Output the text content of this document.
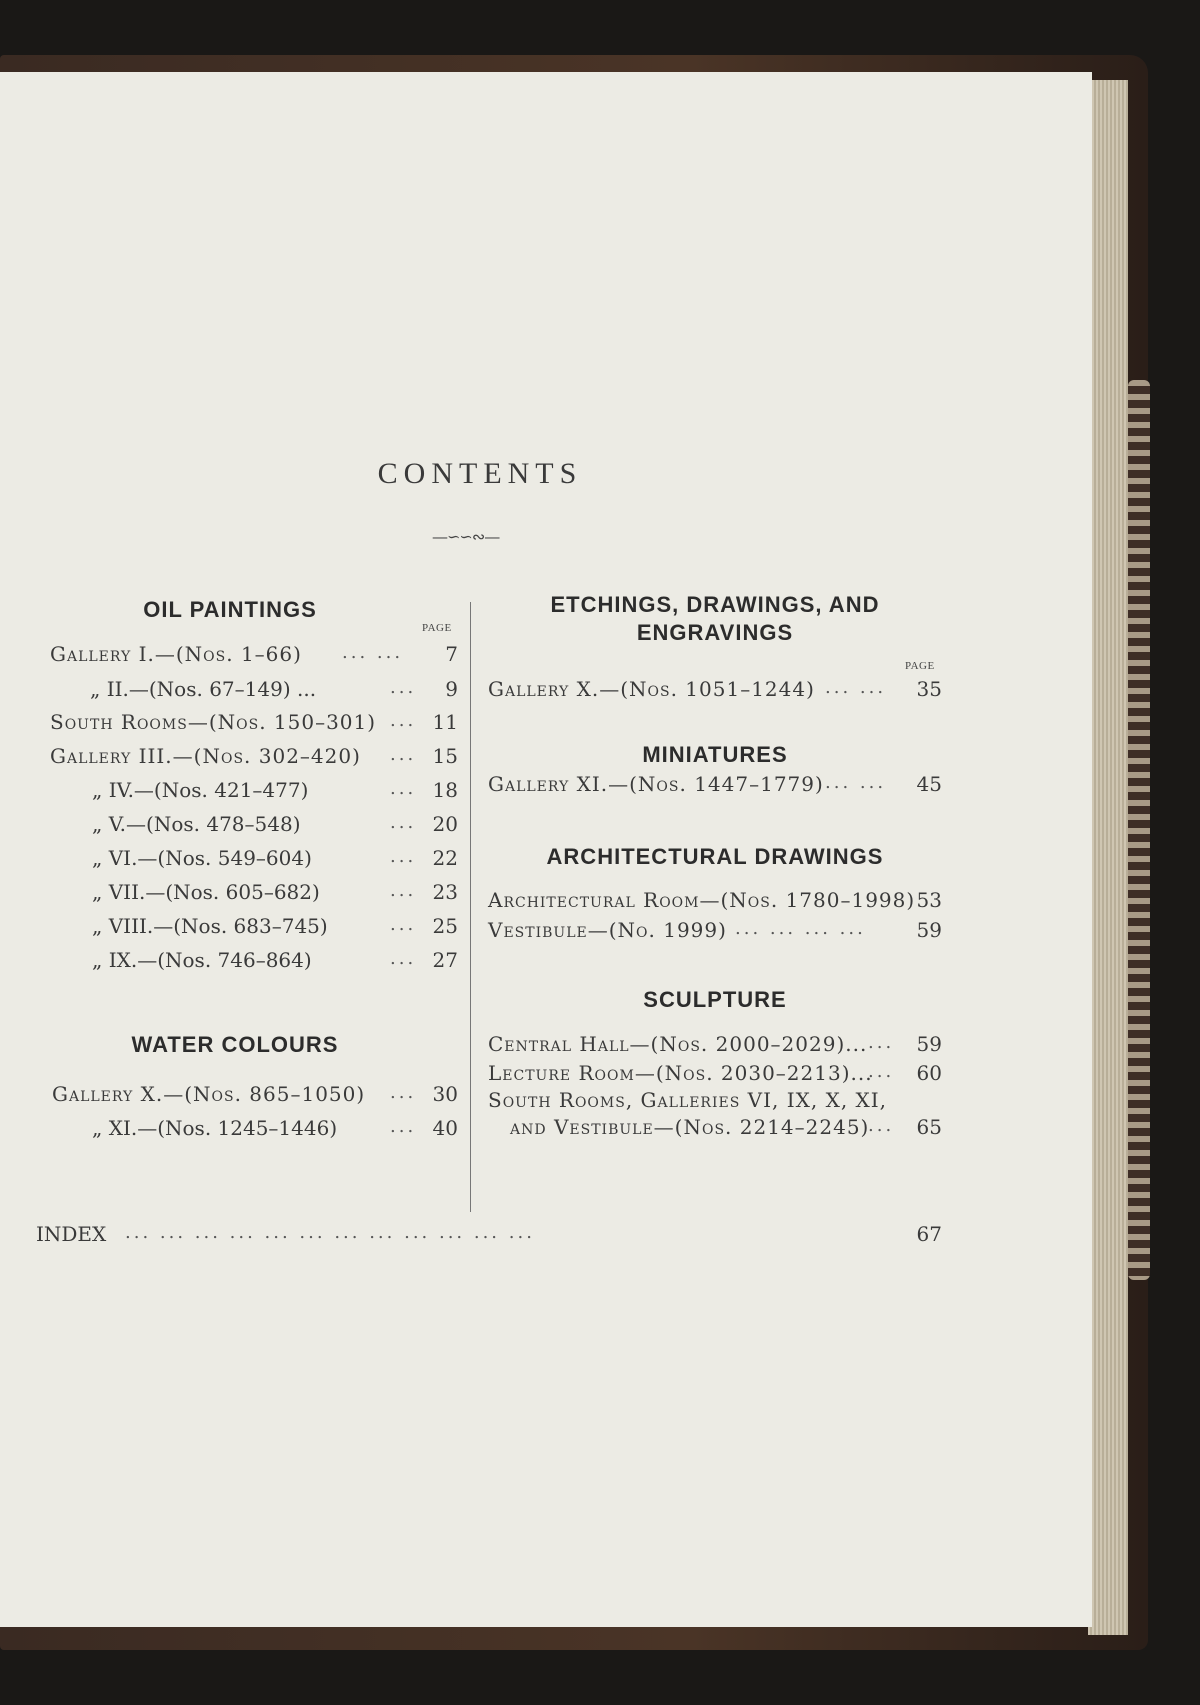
CONTENTS
—∽∽∾—
OIL PAINTINGS
PAGE
Gallery I.—(Nos. 1–66) ... ...	7
„ II.—(Nos. 67–149) ...	...	9
South Rooms—(Nos. 150–301) ... 11
Gallery III.—(Nos. 302–420) ... 15
„ IV.—(Nos. 421–477)	... 18
„ V.—(Nos. 478–548)	... 20
„ VI.—(Nos. 549–604)	... 22
„ VII.—(Nos. 605–682)	... 23
„ VIII.—(Nos. 683–745)	... 25
„ IX.—(Nos. 746–864)	... 27
WATER COLOURS
Gallery X.—(Nos. 865–1050) ... 30
„ XI.—(Nos. 1245–1446)	... 40
ETCHINGS, DRAWINGS, AND
ENGRAVINGS
PAGE
Gallery X.—(Nos. 1051–1244) ... ...	35
MINIATURES
Gallery XI.—(Nos. 1447–1779) ... ...	45
ARCHITECTURAL DRAWINGS
Architectural Room—(Nos. 1780–1998) 53
Vestibule—(No. 1999) ... ... ... ...	59
SCULPTURE
Central Hall—(Nos. 2000–2029)... ...	59
Lecture Room—(Nos. 2030–2213)...
...	60
South Rooms, Galleries VI, IX, X, XI,
and Vestibule—(Nos. 2214–2245)
...	65
INDEX ... ... ... ... ... ... ... ... ... ... ... ...	67
